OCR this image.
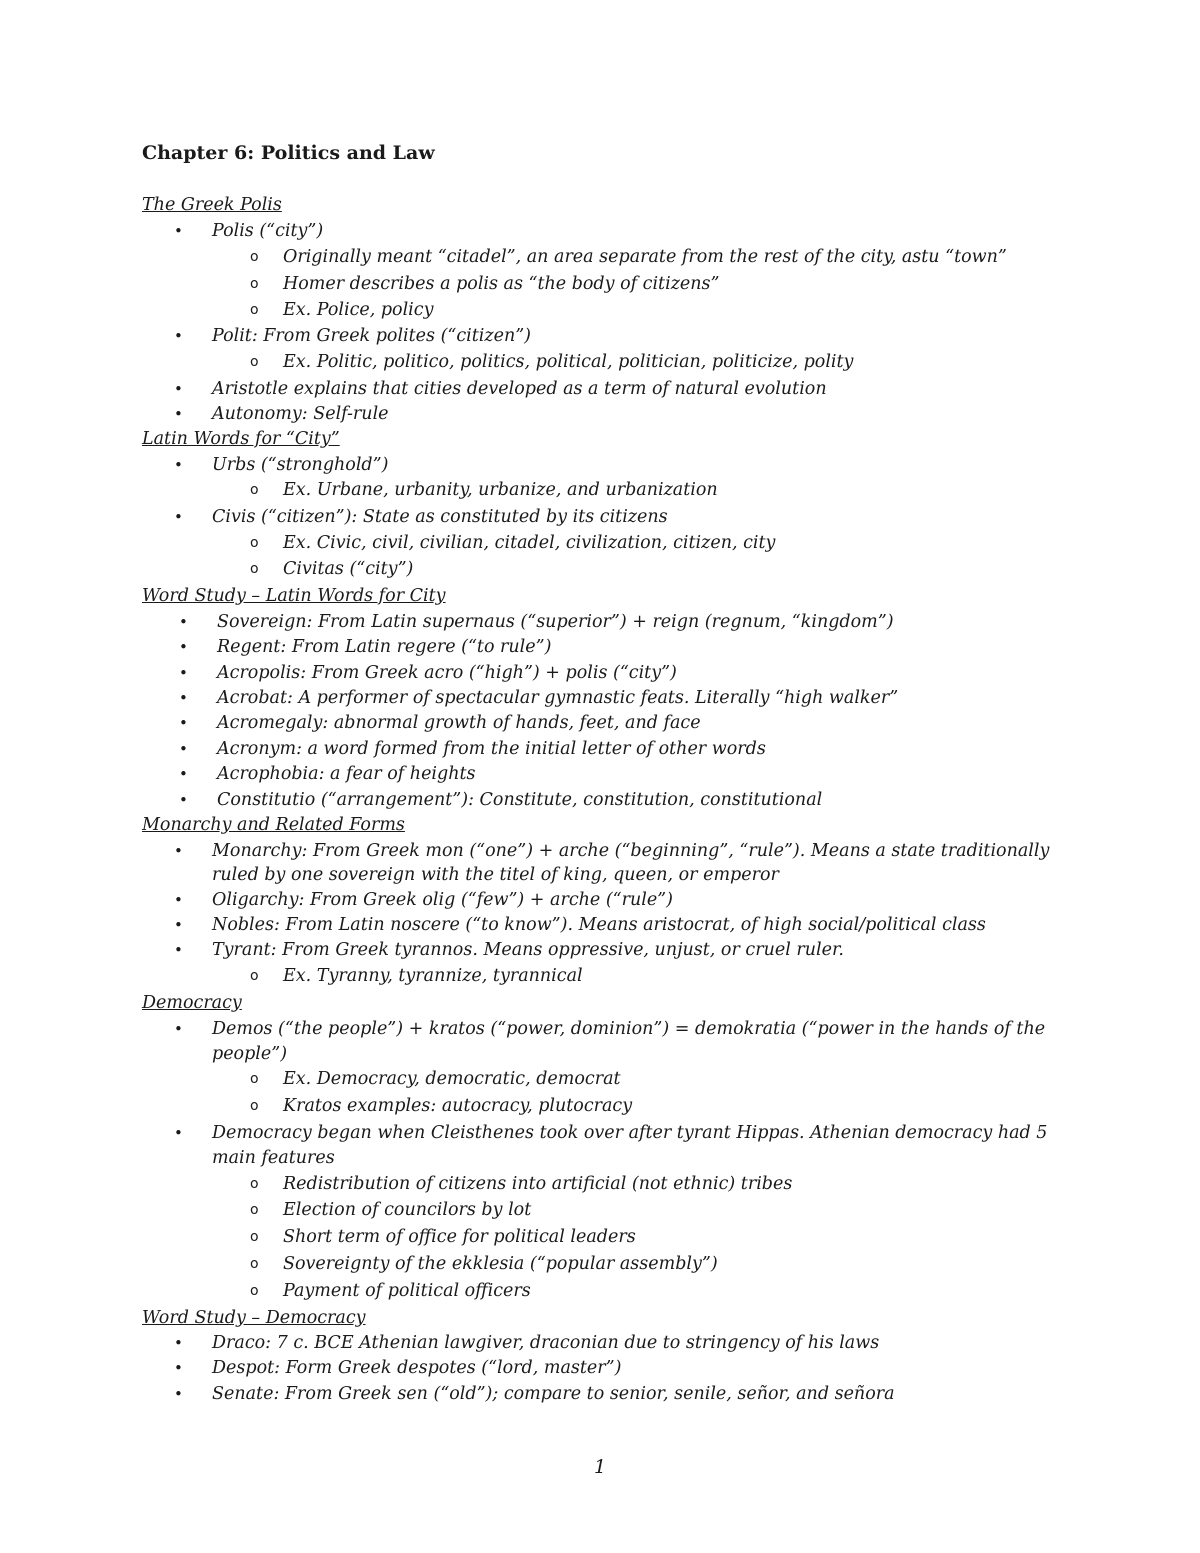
Chapter 6: Politics and Law
The Greek Polis
• Polis (“city”)
o Originally meant “citadel”, an area separate from the rest of the city, astu “town”
o Homer describes a polis as “the body of citizens”
o Ex. Police, policy
• Polit: From Greek polites (“citizen”)
o Ex. Politic, politico, politics, political, politician, politicize, polity
• Aristotle explains that cities developed as a term of natural evolution
• Autonomy: Self-rule
Latin Words for “City”
• Urbs (“stronghold”)
o Ex. Urbane, urbanity, urbanize, and urbanization
• Civis (“citizen”): State as constituted by its citizens
o Ex. Civic, civil, civilian, citadel, civilization, citizen, city
o Civitas (“city”)
Word Study – Latin Words for City
• Sovereign: From Latin supernaus (“superior”) + reign (regnum, “kingdom”)
• Regent: From Latin regere (“to rule”)
• Acropolis: From Greek acro (“high”) + polis (“city”)
• Acrobat: A performer of spectacular gymnastic feats. Literally “high walker”
• Acromegaly: abnormal growth of hands, feet, and face
• Acronym: a word formed from the initial letter of other words
• Acrophobia: a fear of heights
• Constitutio (“arrangement”): Constitute, constitution, constitutional
Monarchy and Related Forms
• Monarchy: From Greek mon (“one”) + arche (“beginning”, “rule”). Means a state traditionally
ruled by one sovereign with the titel of king, queen, or emperor
• Oligarchy: From Greek olig (“few”) + arche (“rule”)
• Nobles: From Latin noscere (“to know”). Means aristocrat, of high social/political class
• Tyrant: From Greek tyrannos. Means oppressive, unjust, or cruel ruler.
o Ex. Tyranny, tyrannize, tyrannical
Democracy
• Demos (“the people”) + kratos (“power, dominion”) = demokratia (“power in the hands of the
people”)
o Ex. Democracy, democratic, democrat
o Kratos examples: autocracy, plutocracy
• Democracy began when Cleisthenes took over after tyrant Hippas. Athenian democracy had 5
main features
o Redistribution of citizens into artificial (not ethnic) tribes
o Election of councilors by lot
o Short term of office for political leaders
o Sovereignty of the ekklesia (“popular assembly”)
o Payment of political officers
Word Study – Democracy
• Draco: 7 c. BCE Athenian lawgiver, draconian due to stringency of his laws
• Despot: Form Greek despotes (“lord, master”)
• Senate: From Greek sen (“old”); compare to senior, senile, señor, and señora
1
